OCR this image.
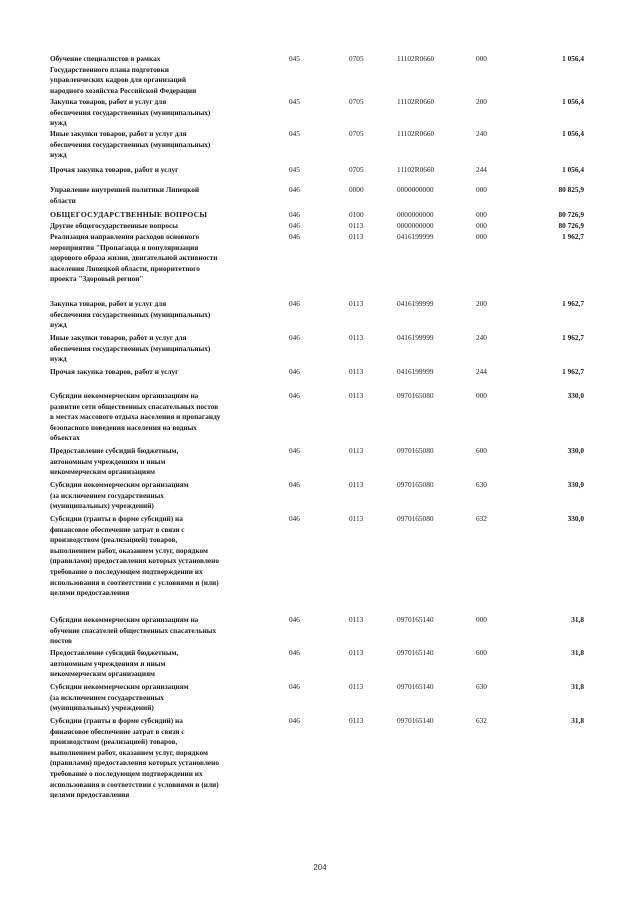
Обучение специалистов в рамках
Государственного плана подготовки
управленческих кадров для организаций
народного хозяйства Российской Федерации
045	0705	11102R0660	000	1 056,4
Закупка товаров, работ и услуг для
обеспечения государственных (муниципальных)
нужд
045	0705	11102R0660	200	1 056,4
Иные закупки товаров, работ и услуг для
обеспечения государственных (муниципальных)
нужд
045	0705	11102R0660	240	1 056,4
Прочая закупка товаров, работ и услуг	045	0705	11102R0660	244	1 056,4
Управление внутренней политики Липецкой
области
046	0000	0000000000	000	80 825,9
ОБЩЕГОСУДАРСТВЕННЫЕ ВОПРОСЫ	046	0100	0000000000	000	80 726,9
Другие общегосударственные вопросы	046	0113	0000000000	000	80 726,9
Реализация направления расходов основного
мероприятия "Пропаганда и популяризация
здорового образа жизни, двигательной активности
населения Липецкой области, приоритетного
проекта "Здоровый регион"
046	0113	0416199999	000	1 962,7
Закупка товаров, работ и услуг для
обеспечения государственных (муниципальных)
нужд
046	0113	0416199999	200	1 962,7
Иные закупки товаров, работ и услуг для
обеспечения государственных (муниципальных)
нужд
046	0113	0416199999	240	1 962,7
Прочая закупка товаров, работ и услуг	046	0113	0416199999	244	1 962,7
Субсидии некоммерческим организациям на
развитие сети общественных спасательных постов
в местах массового отдыха населения и пропаганду
безопасного поведения населения на водных
объектах
046	0113	0970165080	000	330,0
Предоставление субсидий бюджетным,
автономным учреждениям и иным
некоммерческим организациям
046	0113	0970165080	600	330,0
Субсидии некоммерческим организациям
(за исключением государственных
(муниципальных) учреждений)
046	0113	0970165080	630	330,0
Субсидии (гранты в форме субсидий) на
финансовое обеспечение затрат в связи с
производством (реализацией) товаров,
выполнением работ, оказанием услуг, порядком
(правилами) предоставления которых установлено
требование о последующем подтверждении их
использования в соответствии с условиями и (или)
целями предоставления
046	0113	0970165080	632	330,0
Субсидии некоммерческим организациям на
обучение спасателей общественных спасательных
постов
046	0113	0970165140	000	31,8
Предоставление субсидий бюджетным,
автономным учреждениям и иным
некоммерческим организациям
046	0113	0970165140	600	31,8
Субсидии некоммерческим организациям
(за исключением государственных
(муниципальных) учреждений)
046	0113	0970165140	630	31,8
Субсидии (гранты в форме субсидий) на
финансовое обеспечение затрат в связи с
производством (реализацией) товаров,
выполнением работ, оказанием услуг, порядком
(правилами) предоставления которых установлено
требование о последующем подтверждении их
использования в соответствии с условиями и (или)
целями предоставления
046	0113	0970165140	632	31,8
204
